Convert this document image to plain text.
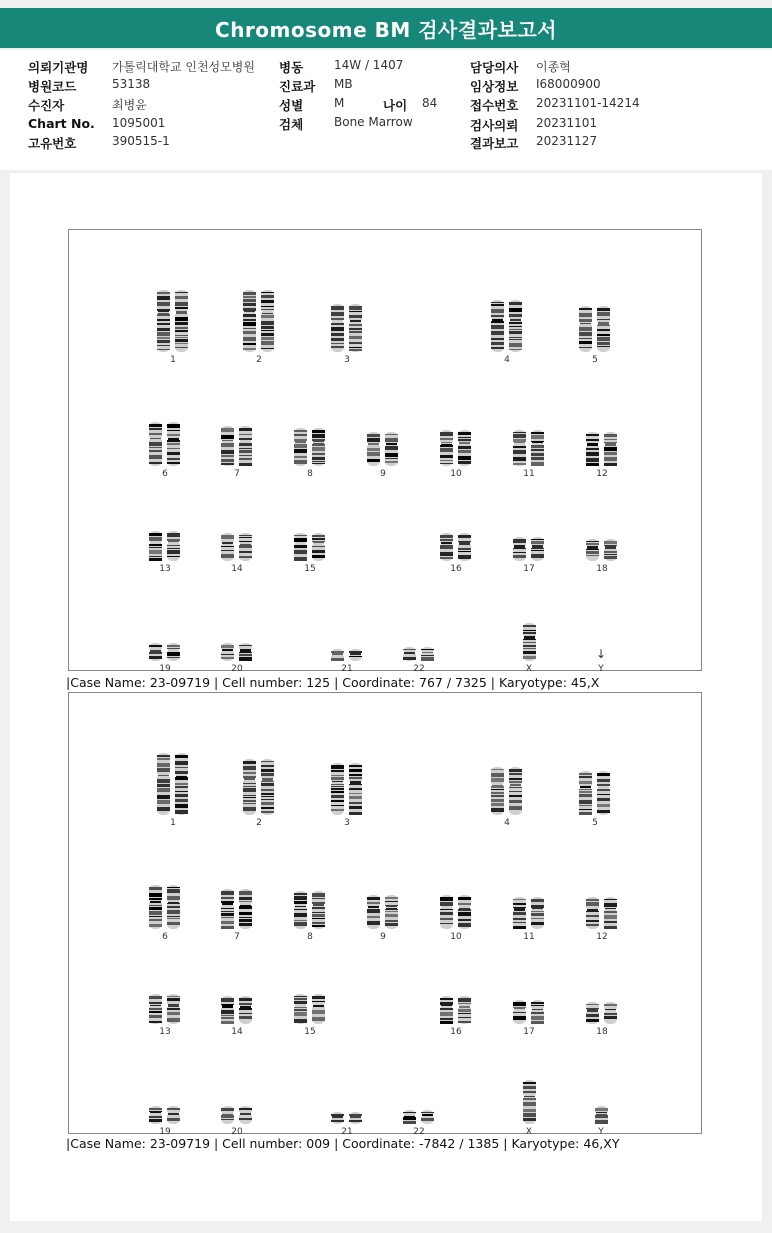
Chromosome BM 검사결과보고서
의뢰기관명 가톨릭대학교 인천성모병원
병원코드	53138
수진자	최병윤
Chart No. 1095001
고유번호	390515-1
병동	14W / 1407
진료과 MB
성별	M	나이 84
검체	Bone Marrow
담당의사 이종혁
임상정보 I68000900
접수번호 20231101-14214
검사의뢰 20231101
결과보고 20231127
1	2	3	4	5
6	7	8	9	10	11	12
13	14	15	16	17	18
19	20	21	22	X
↓
Y
|Case Name: 23-09719 | Cell number: 125 | Coordinate: 767 / 7325 | Karyotype: 45,X
1	2	3	4	5
6	7	8	9	10	11	12
13	14	15	16	17	18
19	20	21	22	X	Y
|Case Name: 23-09719 | Cell number: 009 | Coordinate: -7842 / 1385 | Karyotype: 46,XY
